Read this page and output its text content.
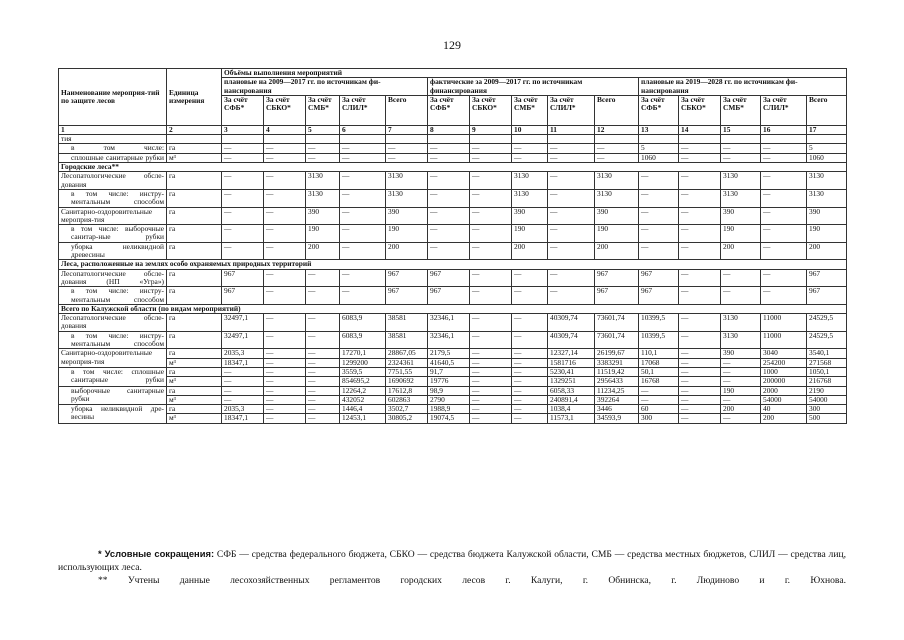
129
Наименование мероприя-тий по защите лесов	Единица измерения	Объёмы выполнения мероприятий														
		плановые на 2009—2017 гг. по источникам фи-нансирования					фактические за 2009—2017 гг. по источникам финансирования					плановые на 2019—2028 гг. по источникам фи-нансирования				
		За счёт СФБ*	За счёт СБКО*	За счёт СМБ*	За счёт СЛИЛ*	Всего	За счёт СФБ*	За счёт СБКО*	За счёт СМБ*	За счёт СЛИЛ*	Всего	За счёт СФБ*	За счёт СБКО*	За счёт СМБ*	За счёт СЛИЛ*	Всего
1	2	3	4	5	6	7	8	9	10	11	12	13	14	15	16	17
тия																
в том числе:	га	—	—	—	—	—	—	—	—	—	—	5	—	—	—	5
сплошные санитарные рубки	м³	—	—	—	—	—	—	—	—	—	—	1060	—	—	—	1060
Городские леса**																
Лесопатологические обсле-дования	га	—	—	3130	—	3130	—	—	3130	—	3130	—	—	3130	—	3130
в том числе: инстру-ментальным способом	га	—	—	3130	—	3130	—	—	3130	—	3130	—	—	3130	—	3130
Санитарно-оздоровительные мероприя-тия	га	—	—	390	—	390	—	—	390	—	390	—	—	390	—	390
в том числе: выборочные санитар-ные рубки	га	—	—	190	—	190	—	—	190	—	190	—	—	190	—	190
уборка неликвидной древесины	га	—	—	200	—	200	—	—	200	—	200	—	—	200	—	200
Леса, расположенные на землях особо охраняемых природных территорий																
Лесопатологические обсле-дования (НП «Угра»)	га	967	—	—	—	967	967	—	—	—	967	967	—	—	—	967
в том числе: инстру-ментальным способом	га	967	—	—	—	967	967	—	—	—	967	967	—	—	—	967
Всего по Калужской области (по видам мероприятий)																
Лесопатологические обсле-дования	га	32497,1	—	—	6083,9	38581	32346,1	—	—	40309,74	73601,74	10399,5	—	3130	11000	24529,5
в том числе: инстру-ментальным способом	га	32497,1	—	—	6083,9	38581	32346,1	—	—	40309,74	73601,74	10399,5	—	3130	11000	24529,5
Санитарно-оздоровительные мероприя-тия	га	2035,3	—	—	17270,1	28867,05	2179,5	—	—	12327,14	26199,67	110,1	—	390	3040	3540,1
	м³	18347,1	—	—	1299200	2324361	41640,5	—	—	1581716	3383291	17068	—	—	254200	271568
в том числе: сплошные санитарные рубки	га	—	—	—	3559,5	7751,55	91,7	—	—	5230,41	11519,42	50,1	—	—	1000	1050,1
	м³	—	—	—	854695,2	1690692	19776	—	—	1329251	2956433	16768	—	—	200000	216768
выборочные санитарные рубки	га	—	—	—	12264,2	17612,8	98,9	—	—	6058,33	11234,25	—	—	190	2000	2190
	м³	—	—	—	432052	602863	2790	—	—	240891,4	392264	—	—	—	54000	54000
уборка неликвидной дре-весины	га	2035,3	—	—	1446,4	3502,7	1988,9	—	—	1038,4	3446	60	—	200	40	300
	м³	18347,1	—	—	12453,1	30805,2	19074,5	—	—	11573,1	34593,9	300	—	—	200	500

* Условные сокращения: СФБ — средства федерального бюджета, СБКО — средства бюджета Калужской области, СМБ — средства местных бюджетов, СЛИЛ — средства лиц, использующих леса.

** Учтены данные лесохозяйственных регламентов городских лесов г. Калуги, г. Обнинска, г. Людиново и г. Юхнова.
